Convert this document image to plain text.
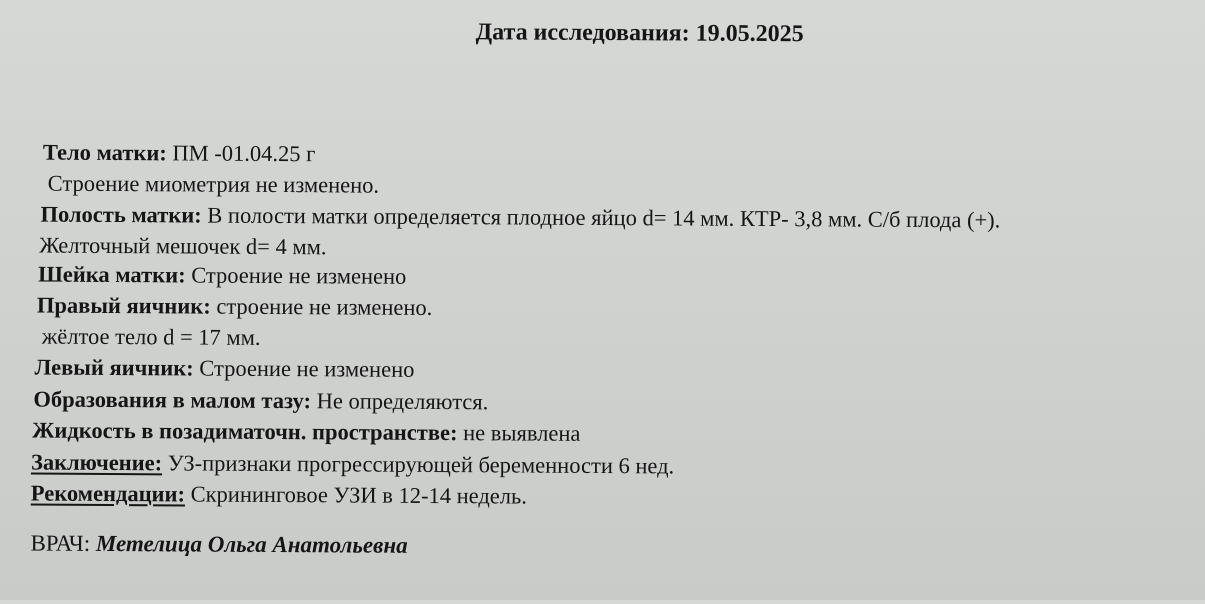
Дата исследования: 19.05.2025
Тело матки: ПМ -01.04.25 г
Строение миометрия не изменено.
Полость матки: В полости матки определяется плодное яйцо d= 14 мм. КТР- 3,8 мм. С/б плода (+).
Желточный мешочек d= 4 мм.
Шейка матки: Строение не изменено
Правый яичник: строение не изменено.
жёлтое тело d = 17 мм.
Левый яичник: Строение не изменено
Образования в малом тазу: Не определяются.
Жидкость в позадиматочн. пространстве: не выявлена
Заключение: УЗ-признаки прогрессирующей беременности 6 нед.
Рекомендации: Скрининговое УЗИ в 12-14 недель.
ВРАЧ: Метелица Ольга Анатольевна
